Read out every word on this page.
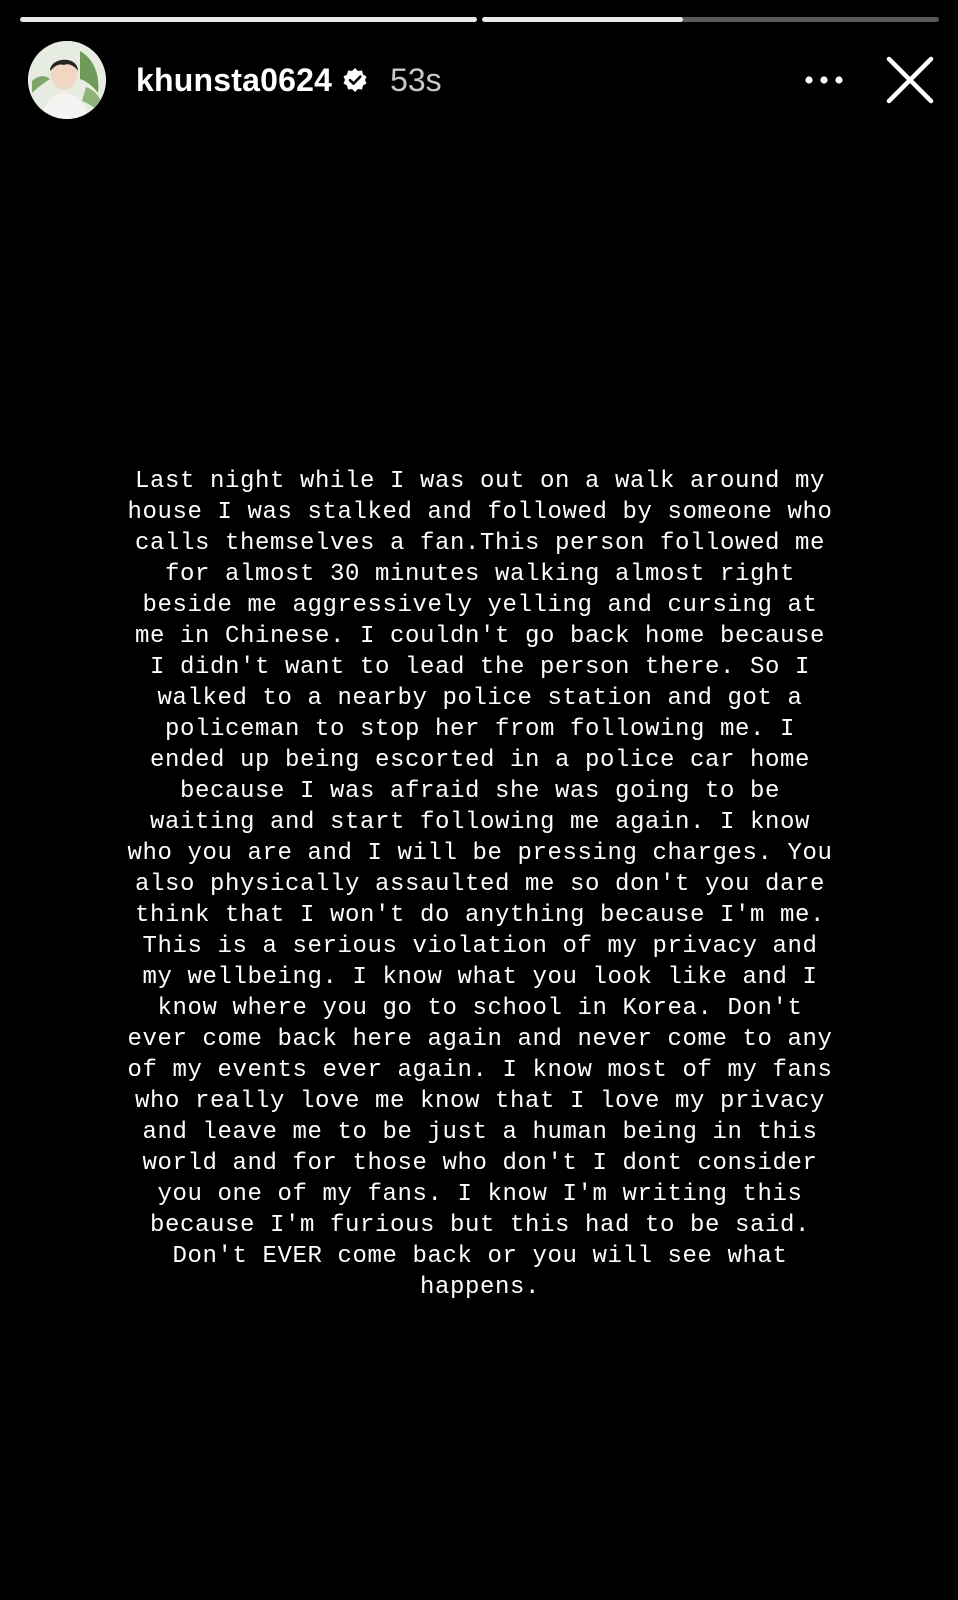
khunsta0624 53s

Last night while I was out on a walk around my
house I was stalked and followed by someone who
calls themselves a fan.This person followed me
for almost 30 minutes walking almost right
beside me aggressively yelling and cursing at
me in Chinese. I couldn't go back home because
I didn't want to lead the person there. So I
walked to a nearby police station and got a
policeman to stop her from following me. I
ended up being escorted in a police car home
because I was afraid she was going to be
waiting and start following me again. I know
who you are and I will be pressing charges. You
also physically assaulted me so don't you dare
think that I won't do anything because I'm me.
This is a serious violation of my privacy and
my wellbeing. I know what you look like and I
know where you go to school in Korea. Don't
ever come back here again and never come to any
of my events ever again. I know most of my fans
who really love me know that I love my privacy
and leave me to be just a human being in this
world and for those who don't I dont consider
you one of my fans. I know I'm writing this
because I'm furious but this had to be said.
Don't EVER come back or you will see what
happens.
